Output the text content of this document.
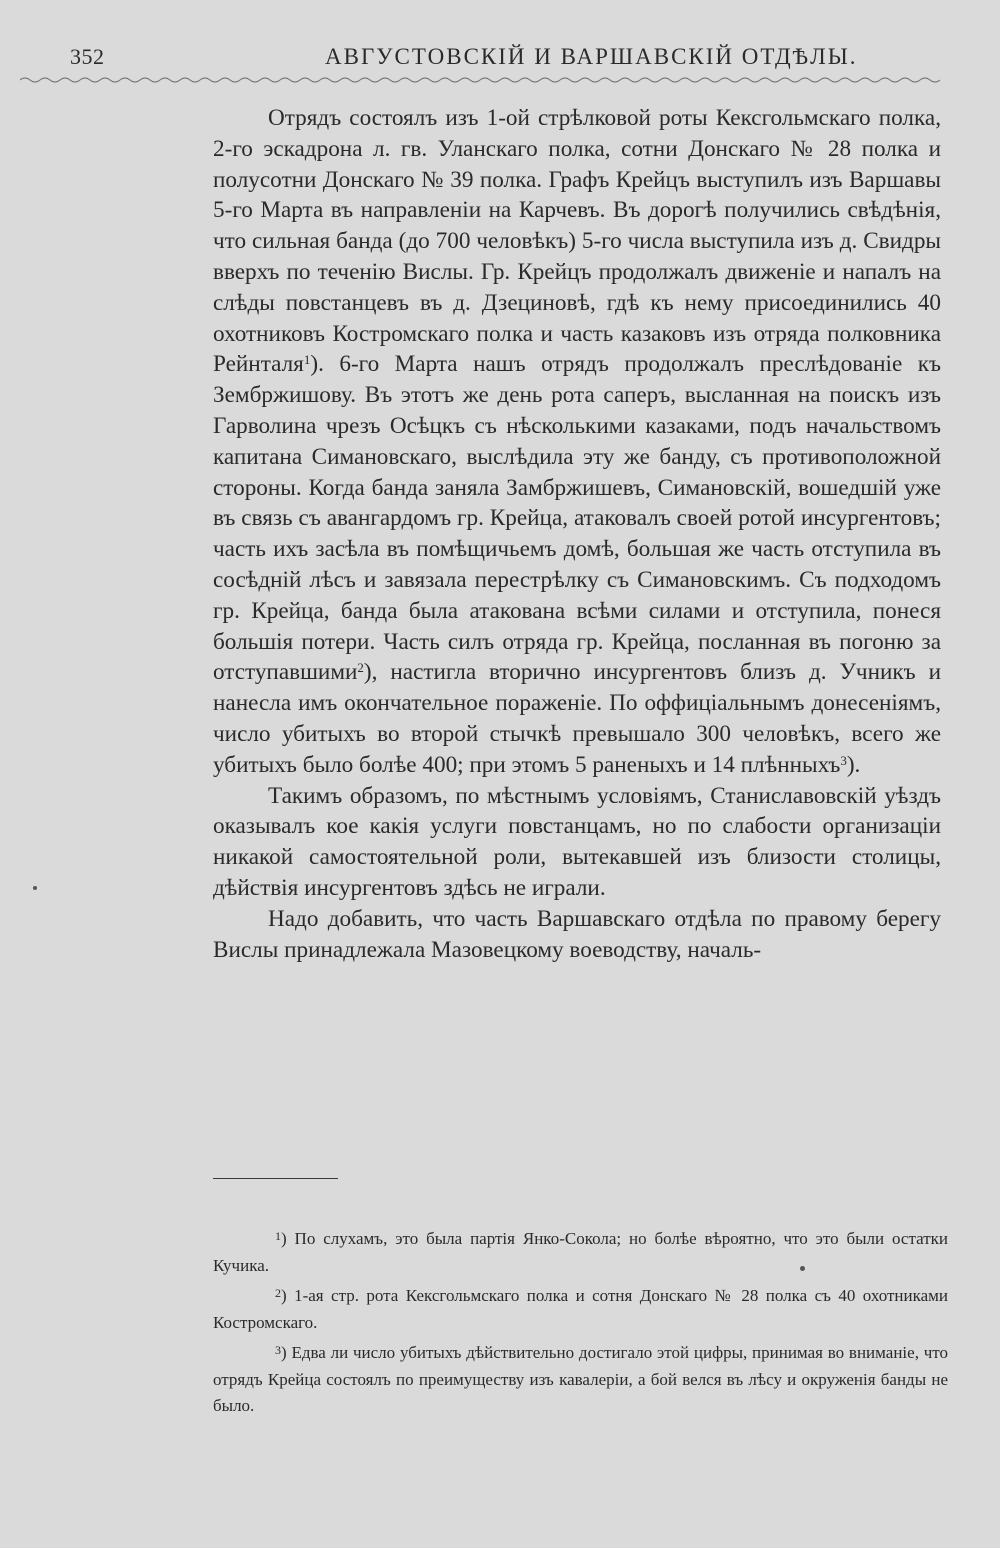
352	АВГУСТОВСКІЙ И ВАРШАВСКІЙ ОТДѢЛЫ.

Отрядъ состоялъ изъ 1-ой стрѣлковой роты Кексгольмскаго полка, 2-го эскадрона л. гв. Уланскаго полка, сотни Донскаго № 28 полка и полусотни Донскаго № 39 полка. Графъ Крейцъ выступилъ изъ Варшавы 5-го Марта въ направленіи на Карчевъ. Въ дорогѣ получились свѣдѣнія, что сильная банда (до 700 человѣкъ) 5-го числа выступила изъ д. Свидры вверхъ по теченію Вислы. Гр. Крейцъ продолжалъ движеніе и напалъ на слѣды повстанцевъ въ д. Дзециновѣ, гдѣ къ нему присоединились 40 охотниковъ Костромскаго полка и часть казаковъ изъ отряда полковника Рейнталя$^1$). 6-го Марта нашъ отрядъ продолжалъ преслѣдованіе къ Зембржишову. Въ этотъ же день рота саперъ, высланная на поискъ изъ Гарволина чрезъ Осѣцкъ съ нѣсколькими казаками, подъ начальствомъ капитана Симановскаго, выслѣдила эту же банду, съ противоположной стороны. Когда банда заняла Замбржишевъ, Симановскій, вошедшій уже въ связь съ авангардомъ гр. Крейца, атаковалъ своей ротой инсургентовъ; часть ихъ засѣла въ помѣщичьемъ домѣ, большая же часть отступила въ сосѣдній лѣсъ и завязала перестрѣлку съ Симановскимъ. Съ подходомъ гр. Крейца, банда была атакована всѣми силами и отступила, понеся большія потери. Часть силъ отряда гр. Крейца, посланная въ погоню за отступавшими$^2$), настигла вторично инсургентовъ близъ д. Учникъ и нанесла имъ окончательное пораженіе. По оффиціальнымъ донесеніямъ, число убитыхъ во второй стычкѣ превышало 300 человѣкъ, всего же убитыхъ было болѣе 400; при этомъ 5 раненыхъ и 14 плѣнныхъ$^3$).

Такимъ образомъ, по мѣстнымъ условіямъ, Станиславовскій уѣздъ оказывалъ кое какія услуги повстанцамъ, но по слабости организаціи никакой самостоятельной роли, вытекавшей изъ близости столицы, дѣйствія инсургентовъ здѣсь не играли.

Надо добавить, что часть Варшавскаго отдѣла по правому берегу Вислы принадлежала Мазовецкому воеводству, началь-

$^1$) По слухамъ, это была партія Янко-Сокола; но болѣе вѣроятно, что это были остатки Кучика.

$^2$) 1-ая стр. рота Кексгольмскаго полка и сотня Донскаго № 28 полка съ 40 охотниками Костромскаго.

$^3$) Едва ли число убитыхъ дѣйствительно достигало этой цифры, принимая во вниманіе, что отрядъ Крейца состоялъ по преимуществу изъ кавалеріи, а бой велся въ лѣсу и окруженія банды не было.
